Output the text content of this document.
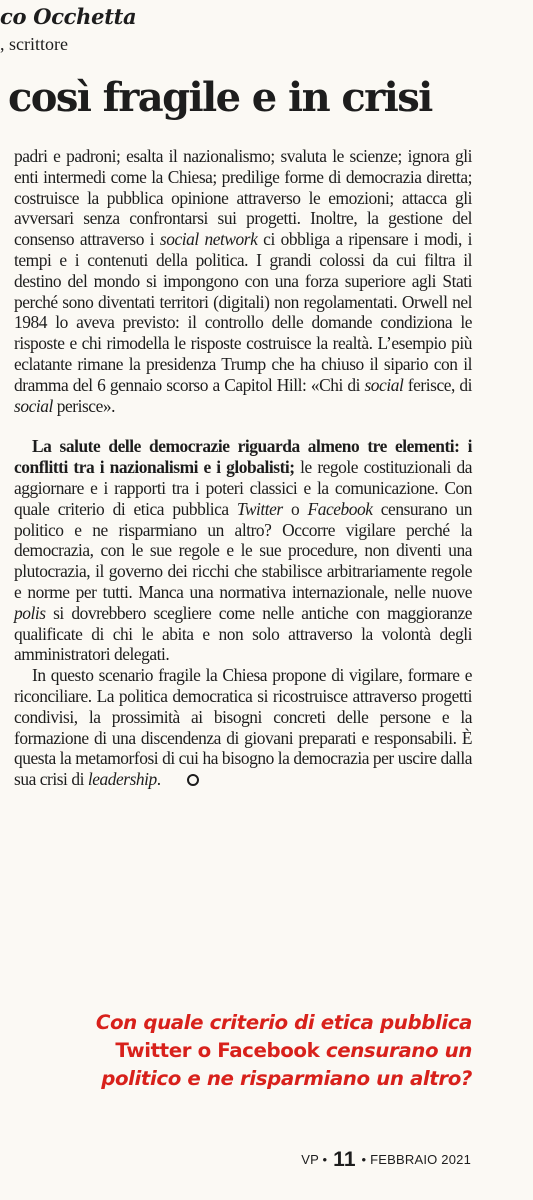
co Occhetta
, scrittore
così fragile e in crisi

padri e padroni; esalta il nazionalismo; svaluta le scienze; ignora gli enti intermedi come la Chiesa; predilige forme di democrazia diretta; costruisce la pubblica opinione attraverso le emozioni; attacca gli avversari senza confrontarsi sui progetti. Inoltre, la gestione del consenso attraverso i social network ci obbliga a ripensare i modi, i tempi e i contenuti della politica. I grandi colossi da cui filtra il destino del mondo si impongono con una forza superiore agli Stati perché sono diventati territori (digitali) non regolamentati. Orwell nel 1984 lo aveva previsto: il controllo delle domande condiziona le risposte e chi rimodella le risposte costruisce la realtà. L’esempio più eclatante rimane la presidenza Trump che ha chiuso il sipario con il dramma del 6 gennaio scorso a Capitol Hill: «Chi di social ferisce, di social perisce».

La salute delle democrazie riguarda almeno tre elementi: i conflitti tra i nazionalismi e i globalisti; le regole costituzionali da aggiornare e i rapporti tra i poteri classici e la comunicazione. Con quale criterio di etica pubblica Twitter o Facebook censurano un politico e ne risparmiano un altro? Occorre vigilare perché la democrazia, con le sue regole e le sue procedure, non diventi una plutocrazia, il governo dei ricchi che stabilisce arbitrariamente regole e norme per tutti. Manca una normativa internazionale, nelle nuove polis si dovrebbero scegliere come nelle antiche con maggioranze qualificate di chi le abita e non solo attraverso la volontà degli amministratori delegati.

In questo scenario fragile la Chiesa propone di vigilare, formare e riconciliare. La politica democratica si ricostruisce attraverso progetti condivisi, la prossimità ai bisogni concreti delle persone e la formazione di una discendenza di giovani preparati e responsabili. È questa la metamorfosi di cui ha bisogno la democrazia per uscire dalla sua crisi di leadership.

Con quale criterio di etica pubblica Twitter o Facebook censurano un politico e ne risparmiano un altro?

VP • 11 • FEBBRAIO 2021
